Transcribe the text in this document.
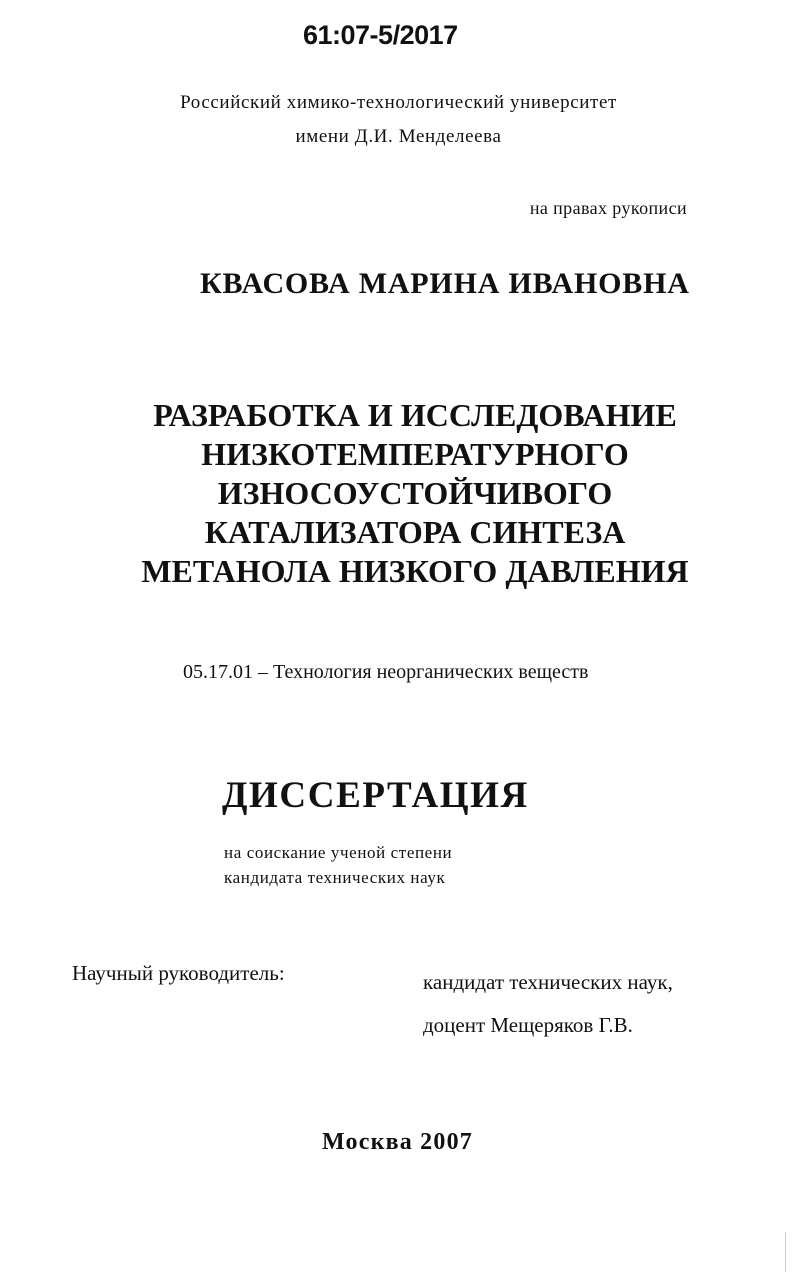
61:07-5/2017
Российский химико-технологический университет
имени Д.И. Менделеева
на правах рукописи
КВАСОВА МАРИНА ИВАНОВНА
РАЗРАБОТКА И ИССЛЕДОВАНИЕ
НИЗКОТЕМПЕРАТУРНОГО
ИЗНОСОУСТОЙЧИВОГО
КАТАЛИЗАТОРА СИНТЕЗА
МЕТАНОЛА НИЗКОГО ДАВЛЕНИЯ
05.17.01 – Технология неорганических веществ
ДИССЕРТАЦИЯ
на соискание ученой степени
кандидата технических наук
Научный руководитель:	кандидат технических наук,
доцент Мещеряков Г.В.
Москва 2007
